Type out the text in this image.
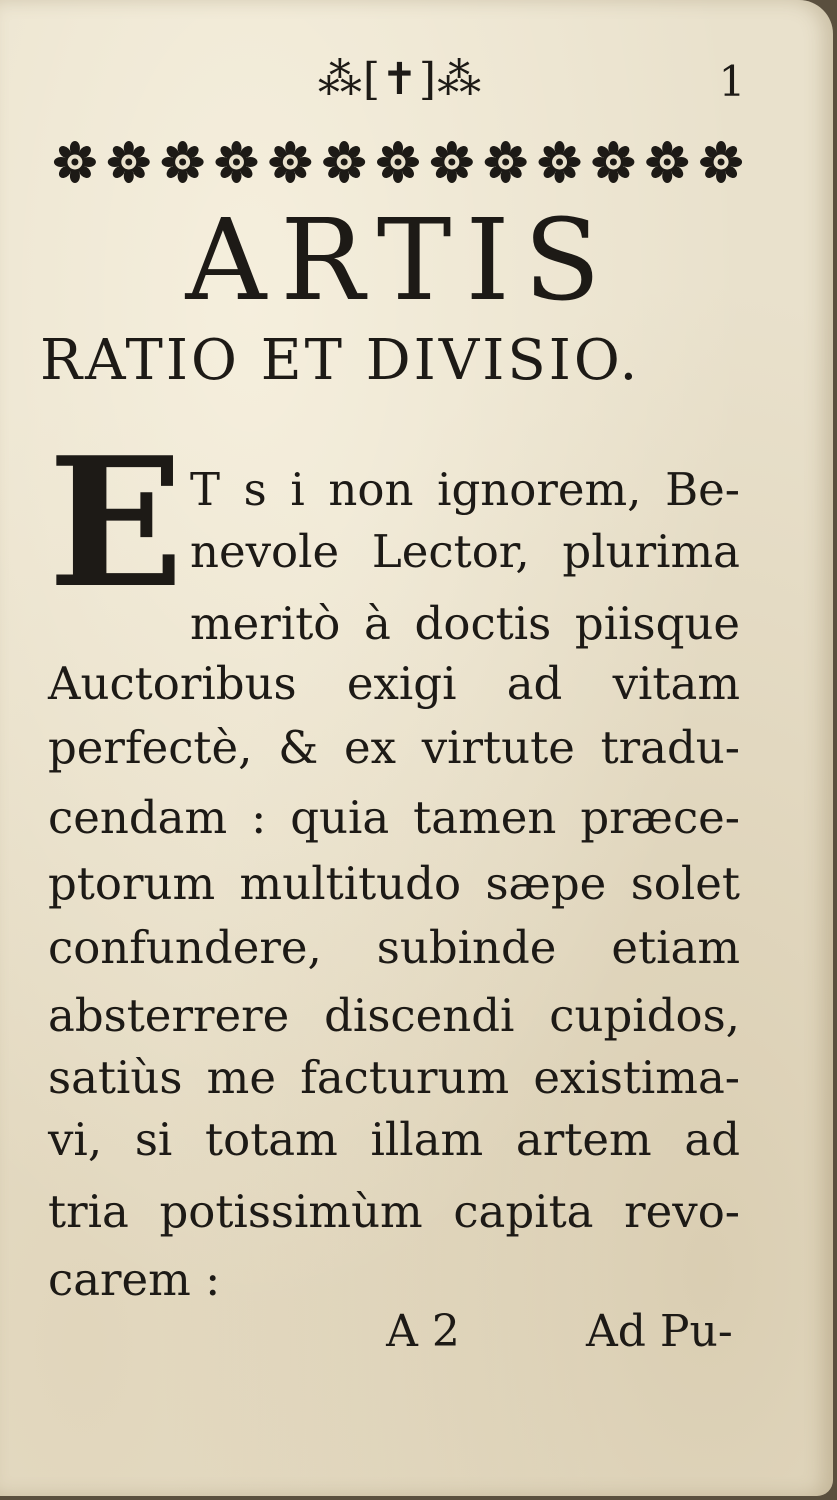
⁂[✝]⁂	1
ARTIS
RATIO ET DIVISIO.
E T s i non ignorem, Be-
nevole Lector, plurima
meritò à doctis piisque
Auctoribus exigi ad vitam
perfectè, & ex virtute tradu-
cendam : quia tamen præce-
ptorum multitudo sæpe solet
confundere, subinde etiam
absterrere discendi cupidos,
satiùs me facturum existima-
vi, si totam illam artem ad
tria potissimùm capita revo-
carem :
A 2	Ad Pu-
